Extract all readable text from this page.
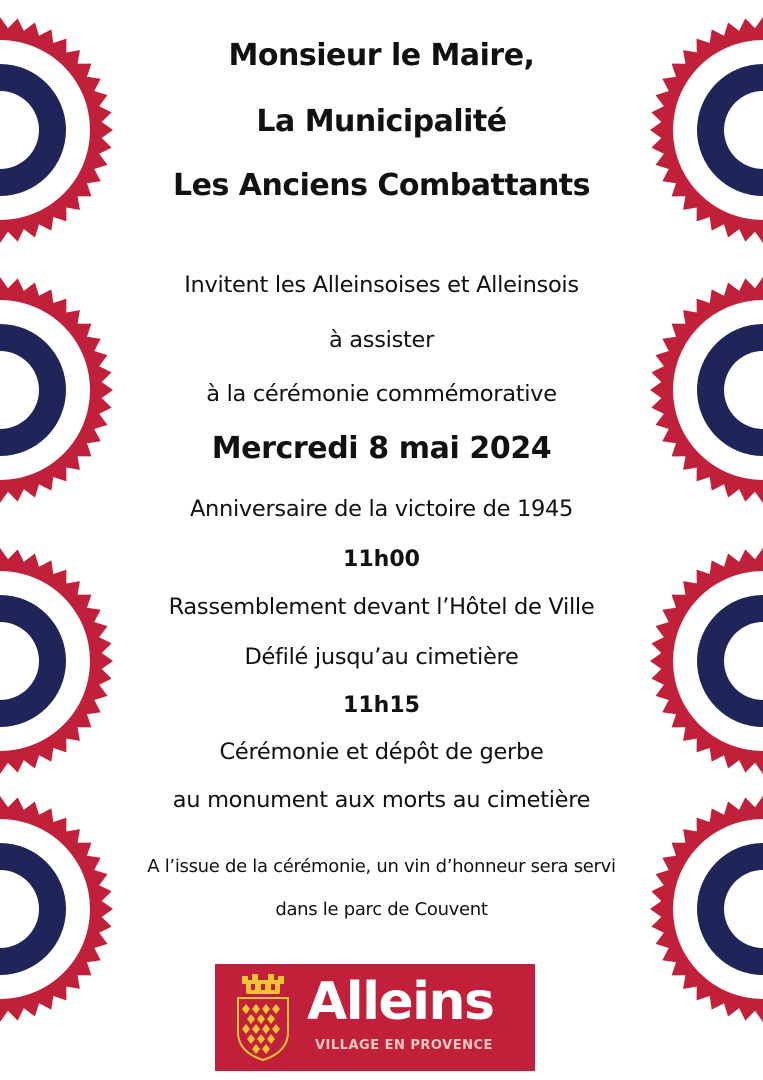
Monsieur le Maire,
La Municipalité
Les Anciens Combattants
Invitent les Alleinsoises et Alleinsois
à assister
à la cérémonie commémorative
Mercredi 8 mai 2024
Anniversaire de la victoire de 1945
11h00
Rassemblement devant l’Hôtel de Ville
Défilé jusqu’au cimetière
11h15
Cérémonie et dépôt de gerbe
au monument aux morts au cimetière
A l’issue de la cérémonie, un vin d’honneur sera servi
dans le parc de Couvent
Alleins
VILLAGE EN PROVENCE
